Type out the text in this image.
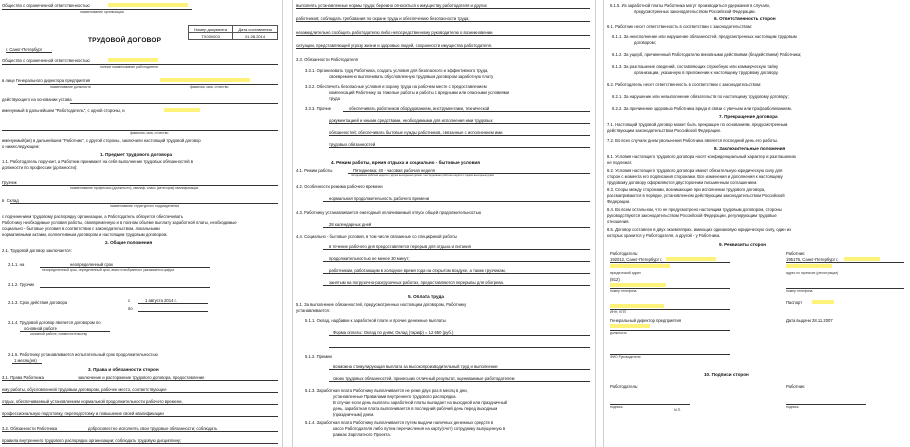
Общество с ограниченной ответственностью
наименование организации
Номер документа	Дата составления
ТХ000003	01.08.2014
ТРУДОВОЙ ДОГОВОР
г. Санкт-Петербург
Общество с ограниченной ответственностью
полное наименование работодателя
в лице Генерального директора предприятия
наименование должности	фамилия, имя, отчество
действующего на основании устава
именуемый в дальнейшем "Работодатель", с одной стороны, и
фамилия, имя, отчество
именуемый(ая) в дальнейшем "Работник", с другой стороны, заключили настоящий трудовой договор
о нижеследующем:
1. Предмет трудового договора
1.1. Работодатель поручает, а Работник принимает на себя выполнение трудовых обязанностей в
должности по профессии (должности):
Грузчик
наименование профессии (должности), квалиф. класс (категория) квалификации
в Склад
наименование структурного подразделения
с подчинением трудовому распорядку организации, а Работодатель обязуется обеспечивать
Работнику необходимые условия работы, своевременную и в полном объёме выплату заработной платы, необходимые
социально - бытовые условия в соответствии с законодательством, локальными
нормативными актами, коллективным договором и настоящим трудовым договором.
2. Общие положения
2.1. Трудовой договор заключается:
2.1.1. на	неопределенный срок
неопределенный срок, определенный срок, вместо выбранного указывается цифра
2.1.2. Грузчик
2.1.3. Срок действия договора	с	1 августа 2014 г.
по
2.1.4. Трудовой договор является договором по
основной работе
основной работе, совместительству
2.1.5. Работнику устанавливается испытательный срок продолжительностью
1 месяц(ев)
3. Права и обязанности сторон
3.1. Права Работника	заключение и расторжение трудового договора, предоставление
ему работы, обусловленной трудовым договором, рабочее место, соответствующее
отдых, обеспечиваемый установлением нормальной продолжительности рабочего времени,
профессиональную подготовку, переподготовку и повышение своей квалификации
3.2. Обязанности Работника	добросовестно исполнять свои трудовые обязанности; соблюдать
правила внутреннего трудового распорядка организации; соблюдать трудовую дисциплину;
выполнять установленные нормы труда; бережно относиться к имуществу работодателя и других
работников; соблюдать требования по охране труда и обеспечению безопасности труда;
незамедлительно сообщить работодателю либо непосредственному руководителю о возникновении
ситуации, представляющей угрозу жизни и здоровью людей, сохранности имущества работодателя.
3.3. Обязанности Работодателя
3.3.1. Организовать труд Работника, создать условия для безопасного и эффективного труда,
своевременно выплачивать обусловленную трудовым договором заработную плату
3.3.2. Обеспечить безопасные условия и охрану труда на рабочем месте с предоставлением
компенсаций Работнику за тяжелые работы и работы с вредными или опасными условиями
труда
3.3.3. Прочие	обеспечивать работников оборудованием, инструментами, технической
документацией и иными средствами, необходимыми для исполнения ими трудовых
обязанностей; обеспечивать бытовые нужды работников, связанные с исполнением ими
трудовых обязанностей
4. Режим работы, время отдыха и социально - бытовые условия
4.1. Режим работы	Пятидневка; 40 - часовая рабочая неделя
пятидневная рабочая неделя с двумя выходными днями, шестидневная рабочая неделя с одним выходным днём
4.2. Особенности режима рабочего времени
нормальная продолжительность рабочего времени
4.3. Работнику устанавливается ежегодный оплачиваемый отпуск общей продолжительностью
28 календарных дней
4.4. Социально - бытовые условия, в том числе связанные со спецификой работы
в течение рабочего дня предоставляется перерыв для отдыха и питания
продолжительностью не менее 30 минут;
работникам, работающим в холодное время года на открытом воздухе, а также грузчикам,
занятым на погрузочно-разгрузочных работах, предоставляются перерывы для обогрева.
5. Оплата труда
5.1. За выполнение обязанностей, предусмотренных настоящим договором, Работнику
устанавливается:
5.1.1. Оклад, надбавки к заработной плате и прочие денежные выплаты
Форма оплаты: Оклад по дням; Оклад (тариф) = 12 650 (руб.)
5.1.2. Премии
возможна стимулирующая выплата за высокопроизводительный труд и выполнение
своих трудовых обязанностей, принесших отличный результат, оцениваемые работодателем
5.1.3. Заработная плата Работнику выплачивается не реже двух раз в месяц в дни,
установленные Правилами внутреннего трудового распорядка.
В случае если день выплаты заработной платы выпадает на выходной или праздничный
день, заработная плата выплачивается в последний рабочий день перед выходным
(праздничным) днем.
5.1.4. Заработная плата Работнику выплачивается путем выдачи наличных денежных средств в
кассе Работодателя либо путем перечисления на карту(счет) сотруднику выпущенную в
рамках Зарплатного Проекта.
5.1.5. Из заработной платы Работника могут производиться удержания в случаях,
предусмотренных законодательством Российской Федерации.
6. Ответственность сторон
6.1. Работник несет ответственность в соответствии с законодательством:
6.1.1. За неисполнение или нарушение обязанностей, предусмотренных настоящим трудовым
договором;
6.1.2. За ущерб, причиненный Работодателю виновными действиями (бездействием) Работника;
6.1.3. За разглашение сведений, составляющих служебную или коммерческую тайну
организации, указанную в приложении к настоящему трудовому договору.
6.2. Работодатель несет ответственность в соответствии с законодательством:
6.2.1. За нарушение или невыполнение обязательств по настоящему трудовому договору;
6.2.2. За причинение здоровью Работника вреда в связи с увечьем или профзаболеванием.
7. Прекращение договора
7.1. Настоящий трудовой договор может быть прекращен по основаниям, предусмотренным
действующим законодательством Российской Федерации.
7.2. Во всех случаях днем увольнения Работника является последний день его работы.
8. Заключительные положения
8.1. Условия настоящего трудового договора носят конфиденциальный характер и разглашению
не подлежат.
8.2. Условия настоящего трудового договора имеют обязательную юридическую силу для
сторон с момента его подписания сторонами. Все изменения и дополнения к настоящему
трудовому договору оформляются двусторонним письменным соглашением.
8.3. Споры между сторонами, возникающие при исполнении трудового договора,
рассматриваются в порядке, установленном действующим законодательством Российской
Федерации.
8.4. Во всем остальном, что не предусмотрено настоящим трудовым договором, стороны
руководствуются законодательством Российской Федерации, регулирующим трудовые
отношения.
8.5. Договор составлен в двух экземплярах, имеющих одинаковую юридическую силу, один из
которых хранится у Работодателя, а другой - у Работника.
9. Реквизиты сторон
Работодатель:	Работник:
192012, Санкт-Петербург г,	195176, Санкт-Петербург г,
юридический адрес	адрес по прописке (регистрации)
(812)
номер телефона	номер телефона
Паспорт
ИНН, КПП
Генеральный директор предприятия	Дата выдачи 28.11.2007
должность
ФИО Руководителя
10. Подписи сторон
Работодатель:	Работник:
подпись
М.П.
подпись
